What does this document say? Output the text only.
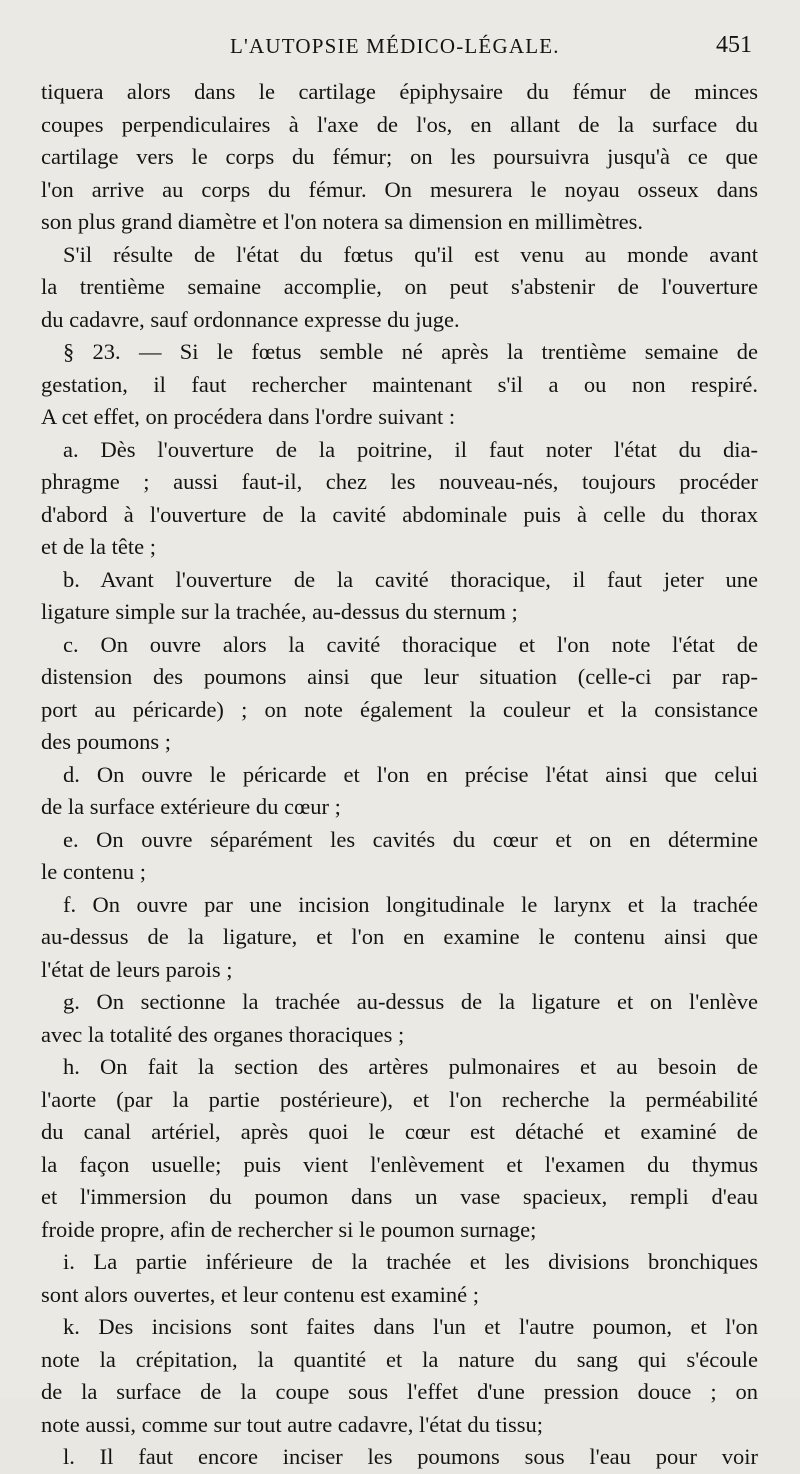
L'AUTOPSIE MÉDICO-LÉGALE.	451
tiquera alors dans le cartilage épiphysaire du fémur de minces
coupes perpendiculaires à l'axe de l'os, en allant de la surface du
cartilage vers le corps du fémur; on les poursuivra jusqu'à ce que
l'on arrive au corps du fémur. On mesurera le noyau osseux dans
son plus grand diamètre et l'on notera sa dimension en millimètres.
S'il résulte de l'état du fœtus qu'il est venu au monde avant
la trentième semaine accomplie, on peut s'abstenir de l'ouverture
du cadavre, sauf ordonnance expresse du juge.
§ 23. — Si le fœtus semble né après la trentième semaine de
gestation, il faut rechercher maintenant s'il a ou non respiré.
A cet effet, on procédera dans l'ordre suivant :
a. Dès l'ouverture de la poitrine, il faut noter l'état du dia-
phragme ; aussi faut-il, chez les nouveau-nés, toujours procéder
d'abord à l'ouverture de la cavité abdominale puis à celle du thorax
et de la tête ;
b. Avant l'ouverture de la cavité thoracique, il faut jeter une
ligature simple sur la trachée, au-dessus du sternum ;
c. On ouvre alors la cavité thoracique et l'on note l'état de
distension des poumons ainsi que leur situation (celle-ci par rap-
port au péricarde) ; on note également la couleur et la consistance
des poumons ;
d. On ouvre le péricarde et l'on en précise l'état ainsi que celui
de la surface extérieure du cœur ;
e. On ouvre séparément les cavités du cœur et on en détermine
le contenu ;
f. On ouvre par une incision longitudinale le larynx et la trachée
au-dessus de la ligature, et l'on en examine le contenu ainsi que
l'état de leurs parois ;
g. On sectionne la trachée au-dessus de la ligature et on l'enlève
avec la totalité des organes thoraciques ;
h. On fait la section des artères pulmonaires et au besoin de
l'aorte (par la partie postérieure), et l'on recherche la perméabilité
du canal artériel, après quoi le cœur est détaché et examiné de
la façon usuelle; puis vient l'enlèvement et l'examen du thymus
et l'immersion du poumon dans un vase spacieux, rempli d'eau
froide propre, afin de rechercher si le poumon surnage;
i. La partie inférieure de la trachée et les divisions bronchiques
sont alors ouvertes, et leur contenu est examiné ;
k. Des incisions sont faites dans l'un et l'autre poumon, et l'on
note la crépitation, la quantité et la nature du sang qui s'écoule
de la surface de la coupe sous l'effet d'une pression douce ; on
note aussi, comme sur tout autre cadavre, l'état du tissu;
l. Il faut encore inciser les poumons sous l'eau pour voir
